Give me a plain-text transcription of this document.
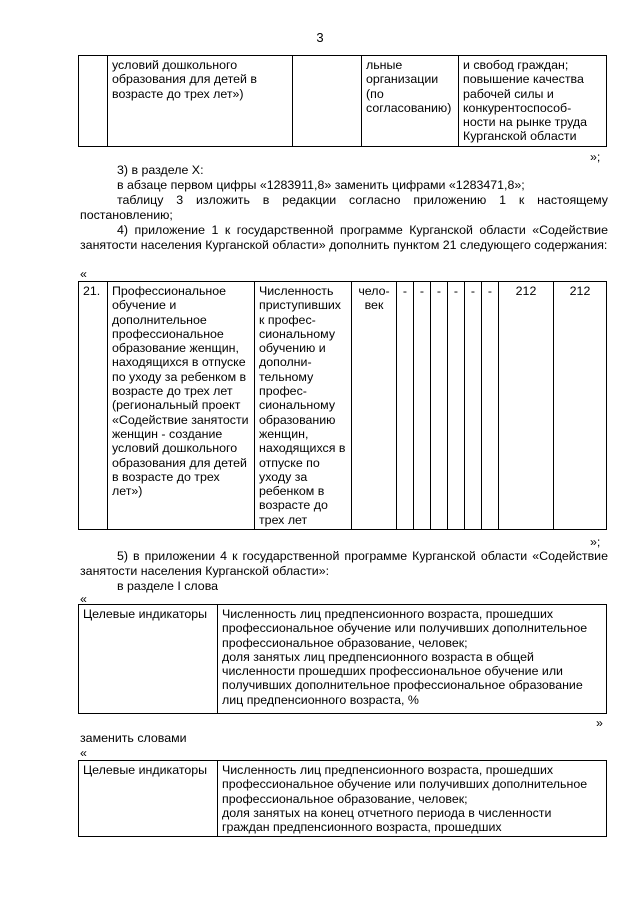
3
	условий дошкольного образования для детей в возрасте до трех лет»)		льные организации (по согласованию)	и свобод граждан; повышение качества рабочей силы и конкурентоспособ-ности на рынке труда Курганской области
»;
3) в разделе X:
в абзаце первом цифры «1283911,8» заменить цифрами «1283471,8»;
таблицу 3 изложить в редакции согласно приложению 1 к настоящему постановлению;
4) приложение 1 к государственной программе Курганской области «Содействие занятости населения Курганской области» дополнить пунктом 21 следующего содержания:
«
21.	Профессиональное обучение и дополнительное профессиональное образование женщин, находящихся в отпуске по уходу за ребенком в возрасте до трех лет (региональный проект «Содействие занятости женщин - создание условий дошкольного образования для детей в возрасте до трех лет»)	Численность приступивших к профес-сиональному обучению и дополни-тельному профес-сиональному образованию женщин, находящихся в отпуске по уходу за ребенком в возрасте до трех лет	чело-век	-	-	-	-	-	-	212	212
»;
5) в приложении 4 к государственной программе Курганской области «Содействие занятости населения Курганской области»:
в разделе I слова
«
Целевые индикаторы	Численность лиц предпенсионного возраста, прошедших профессиональное обучение или получивших дополнительное профессиональное образование, человек;
доля занятых лиц предпенсионного возраста в общей численности прошедших профессиональное обучение или получивших дополнительное профессиональное образование лиц предпенсионного возраста, %
»
заменить словами
«
Целевые индикаторы	Численность лиц предпенсионного возраста, прошедших профессиональное обучение или получивших дополнительное профессиональное образование, человек;
доля занятых на конец отчетного периода в численности граждан предпенсионного возраста, прошедших
